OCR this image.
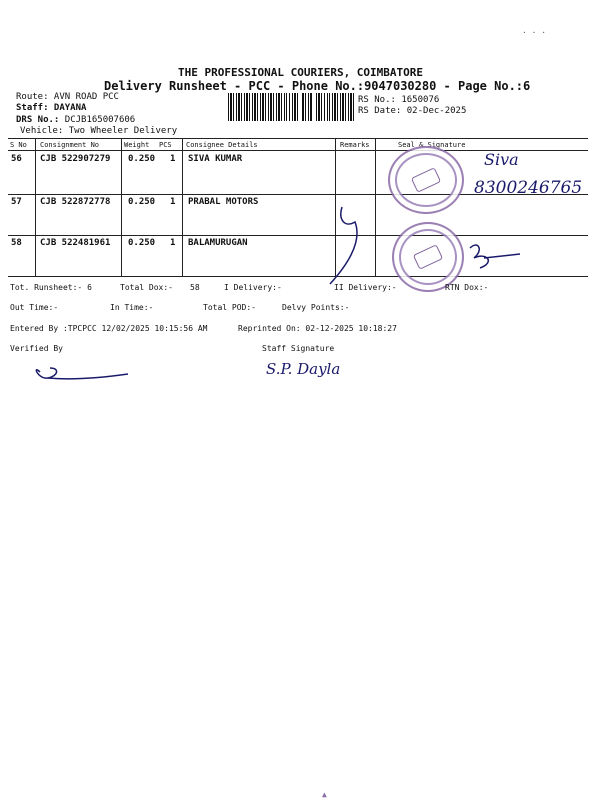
· · ·
THE PROFESSIONAL COURIERS, COIMBATORE
Delivery Runsheet - PCC - Phone No.:9047030280 - Page No.:6
Route: AVN ROAD PCC
Staff: DAYANA
DRS No.: DCJB165007606
Vehicle: Two Wheeler Delivery
RS No.: 1650076
RS Date: 02-Dec-2025
S No Consignment No	Weight PCS Consignee Details	Remarks	Seal & Signature
56 CJB 522907279 0.250 1 SIVA KUMAR
57 CJB 522872778 0.250 1 PRABAL MOTORS
58 CJB 522481961 0.250 1 BALAMURUGAN
Siva
8300246765
Tot. Runsheet:- 6	Total Dox:- 58	I Delivery:-	II Delivery:-	RTN Dox:-
Out Time:-	In Time:-	Total POD:-	Delvy Points:-
Entered By :TPCPCC 12/02/2025 10:15:56 AM	Reprinted On: 02-12-2025 10:18:27
Verified By	Staff Signature
S.P. Dayla
▲
